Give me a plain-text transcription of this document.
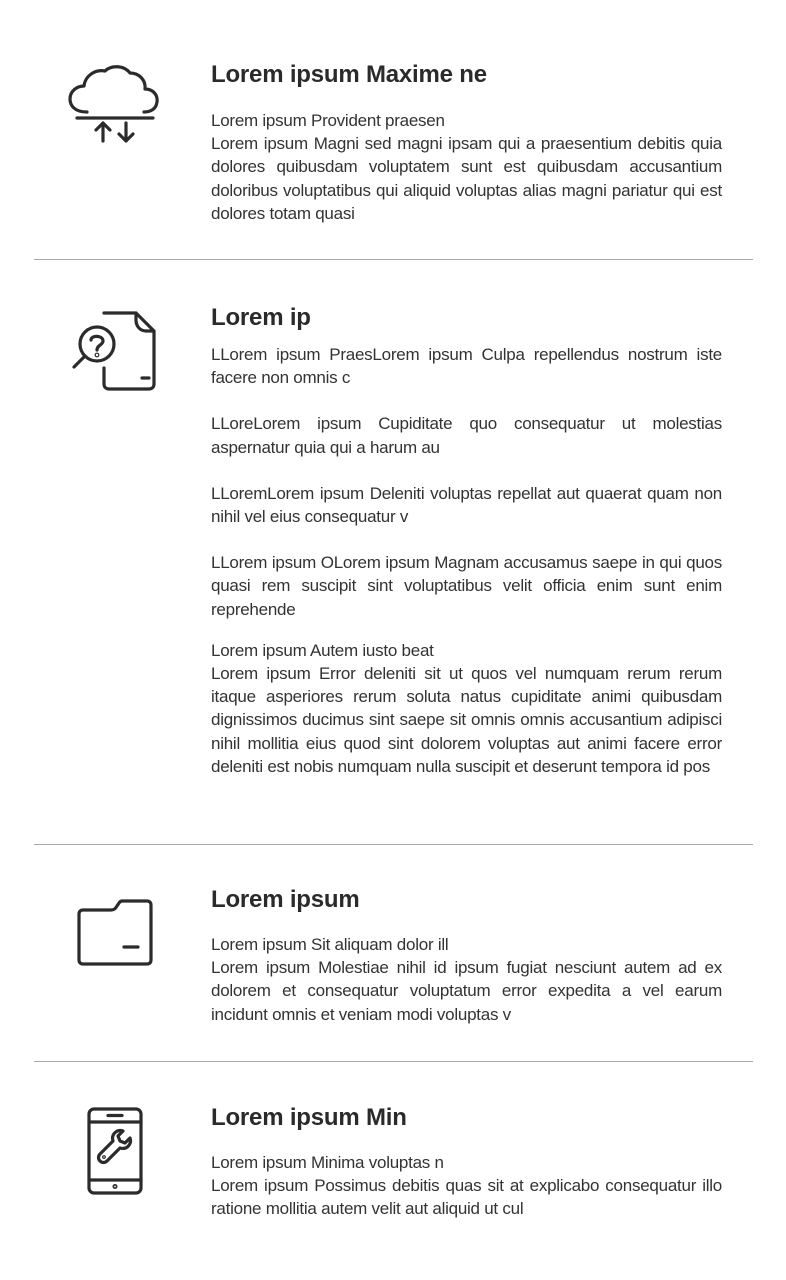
Lorem ipsum Maxime ne

Lorem ipsum Provident praesen

Lorem ipsum Magni sed magni ipsam qui a praesentium debitis quia dolores quibusdam voluptatem sunt est quibusdam accusantium doloribus voluptatibus qui aliquid voluptas alias magni pariatur qui est dolores totam quasi

Lorem ip

LLorem ipsum PraesLorem ipsum Culpa repellendus nostrum iste facere non omnis c

LLoreLorem ipsum Cupiditate quo consequatur ut molestias aspernatur quia qui a harum au

LLoremLorem ipsum Deleniti voluptas repellat aut quaerat quam non nihil vel eius consequatur v

LLorem ipsum OLorem ipsum Magnam accusamus saepe in qui quos quasi rem suscipit sint voluptatibus velit officia enim sunt enim reprehende

Lorem ipsum Autem iusto beat

Lorem ipsum Error deleniti sit ut quos vel numquam rerum rerum itaque asperiores rerum soluta natus cupiditate animi quibusdam dignissimos ducimus sint saepe sit omnis omnis accusantium adipisci nihil mollitia eius quod sint dolorem voluptas aut animi facere error deleniti est nobis numquam nulla suscipit et deserunt tempora id pos

Lorem ipsum

Lorem ipsum Sit aliquam dolor ill

Lorem ipsum Molestiae nihil id ipsum fugiat nesciunt autem ad ex dolorem et consequatur voluptatum error expedita a vel earum incidunt omnis et veniam modi voluptas v

Lorem ipsum Min

Lorem ipsum Minima voluptas n

Lorem ipsum Possimus debitis quas sit at explicabo consequatur illo ratione mollitia autem velit aut aliquid ut cul
